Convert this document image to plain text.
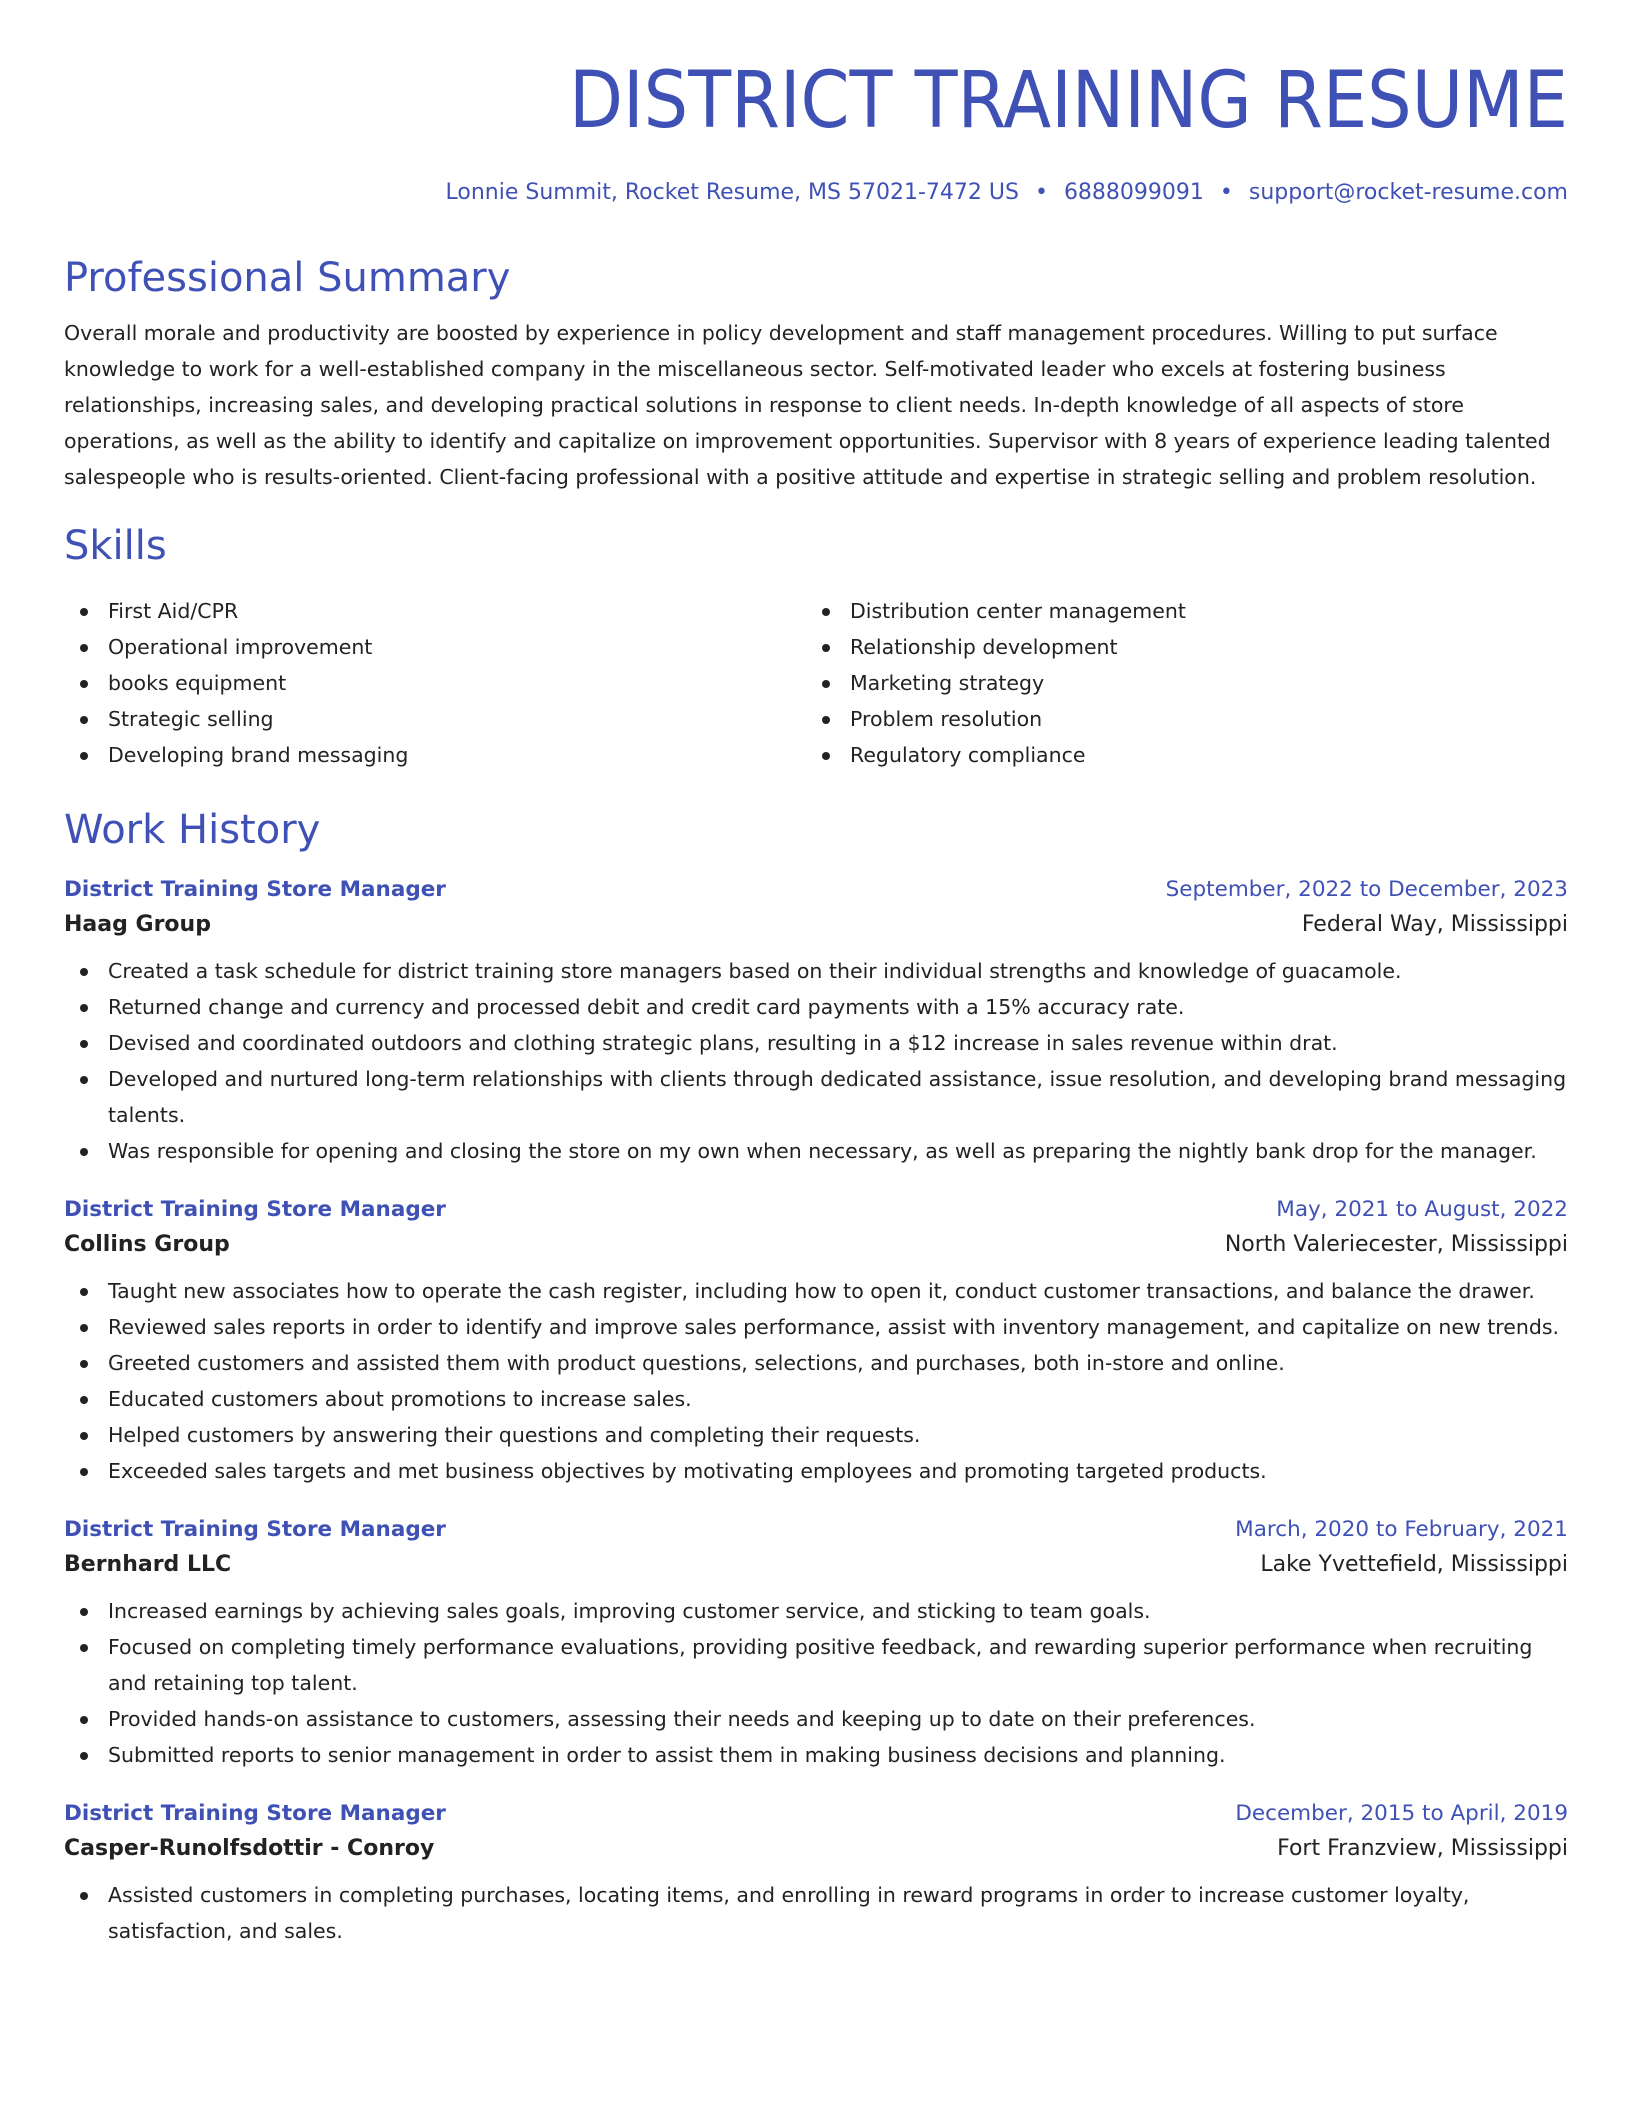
DISTRICT TRAINING RESUME
Lonnie Summit, Rocket Resume, MS 57021-7472 US • 6888099091 • support@rocket-resume.com
Professional Summary

Overall morale and productivity are boosted by experience in policy development and staff management procedures. Willing to put surface knowledge to work for a well-established company in the miscellaneous sector. Self-motivated leader who excels at fostering business relationships, increasing sales, and developing practical solutions in response to client needs. In-depth knowledge of all aspects of store operations, as well as the ability to identify and capitalize on improvement opportunities. Supervisor with 8 years of experience leading talented salespeople who is results-oriented. Client-facing professional with a positive attitude and expertise in strategic selling and problem resolution.

Skills
First Aid/CPR
Operational improvement
books equipment
Strategic selling
Developing brand messaging
Distribution center management
Relationship development
Marketing strategy
Problem resolution
Regulatory compliance
Work History
District Training Store Manager	September, 2022 to December, 2023
Haag Group	Federal Way, Mississippi
Created a task schedule for district training store managers based on their individual strengths and knowledge of guacamole.
Returned change and currency and processed debit and credit card payments with a 15% accuracy rate.
Devised and coordinated outdoors and clothing strategic plans, resulting in a $12 increase in sales revenue within drat.
Developed and nurtured long-term relationships with clients through dedicated assistance, issue resolution, and developing brand messaging talents.
Was responsible for opening and closing the store on my own when necessary, as well as preparing the nightly bank drop for the manager.
District Training Store Manager	May, 2021 to August, 2022
Collins Group	North Valeriecester, Mississippi
Taught new associates how to operate the cash register, including how to open it, conduct customer transactions, and balance the drawer.
Reviewed sales reports in order to identify and improve sales performance, assist with inventory management, and capitalize on new trends.
Greeted customers and assisted them with product questions, selections, and purchases, both in-store and online.
Educated customers about promotions to increase sales.
Helped customers by answering their questions and completing their requests.
Exceeded sales targets and met business objectives by motivating employees and promoting targeted products.
District Training Store Manager	March, 2020 to February, 2021
Bernhard LLC	Lake Yvettefield, Mississippi
Increased earnings by achieving sales goals, improving customer service, and sticking to team goals.
Focused on completing timely performance evaluations, providing positive feedback, and rewarding superior performance when recruiting and retaining top talent.
Provided hands-on assistance to customers, assessing their needs and keeping up to date on their preferences.
Submitted reports to senior management in order to assist them in making business decisions and planning.
District Training Store Manager	December, 2015 to April, 2019
Casper-Runolfsdottir - Conroy	Fort Franzview, Mississippi
Assisted customers in completing purchases, locating items, and enrolling in reward programs in order to increase customer loyalty, satisfaction, and sales.
